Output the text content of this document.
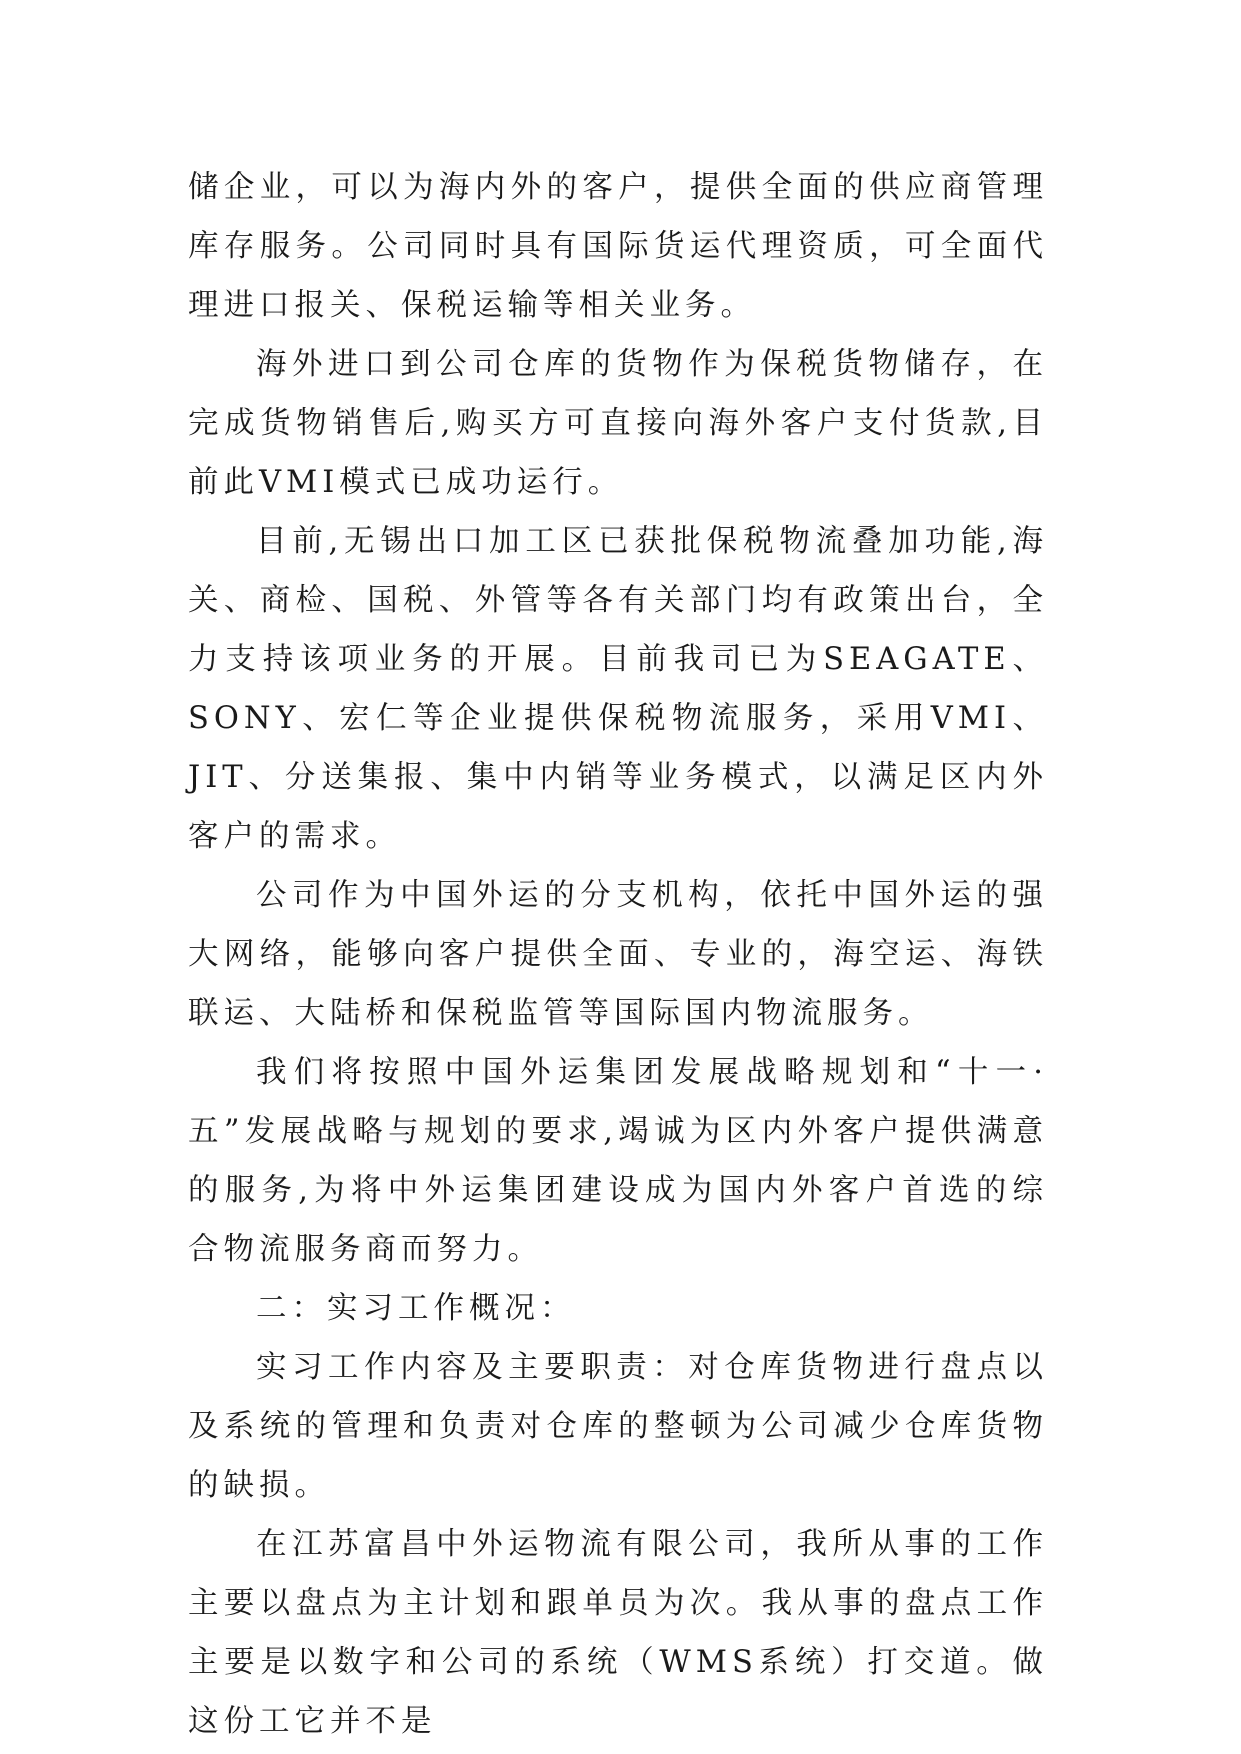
储企业，可以为海内外的客户，提供全面的供应商管理库存服务。公司同时具有国际货运代理资质，可全面代理进口报关、保税运输等相关业务。

海外进口到公司仓库的货物作为保税货物储存，在完成货物销售后,购买方可直接向海外客户支付货款,目前此VMI模式已成功运行。

目前,无锡出口加工区已获批保税物流叠加功能,海关、商检、国税、外管等各有关部门均有政策出台，全力支持该项业务的开展。目前我司已为SEAGATE、SONY、宏仁等企业提供保税物流服务，采用VMI、JIT、分送集报、集中内销等业务模式，以满足区内外客户的需求。

公司作为中国外运的分支机构，依托中国外运的强大网络，能够向客户提供全面、专业的，海空运、海铁联运、大陆桥和保税监管等国际国内物流服务。

我们将按照中国外运集团发展战略规划和“十一·五”发展战略与规划的要求,竭诚为区内外客户提供满意的服务,为将中外运集团建设成为国内外客户首选的综合物流服务商而努力。

二：实习工作概况：

实习工作内容及主要职责：对仓库货物进行盘点以及系统的管理和负责对仓库的整顿为公司减少仓库货物的缺损。

在江苏富昌中外运物流有限公司，我所从事的工作主要以盘点为主计划和跟单员为次。我从事的盘点工作主要是以数字和公司的系统（WMS系统）打交道。做这份工它并不是
